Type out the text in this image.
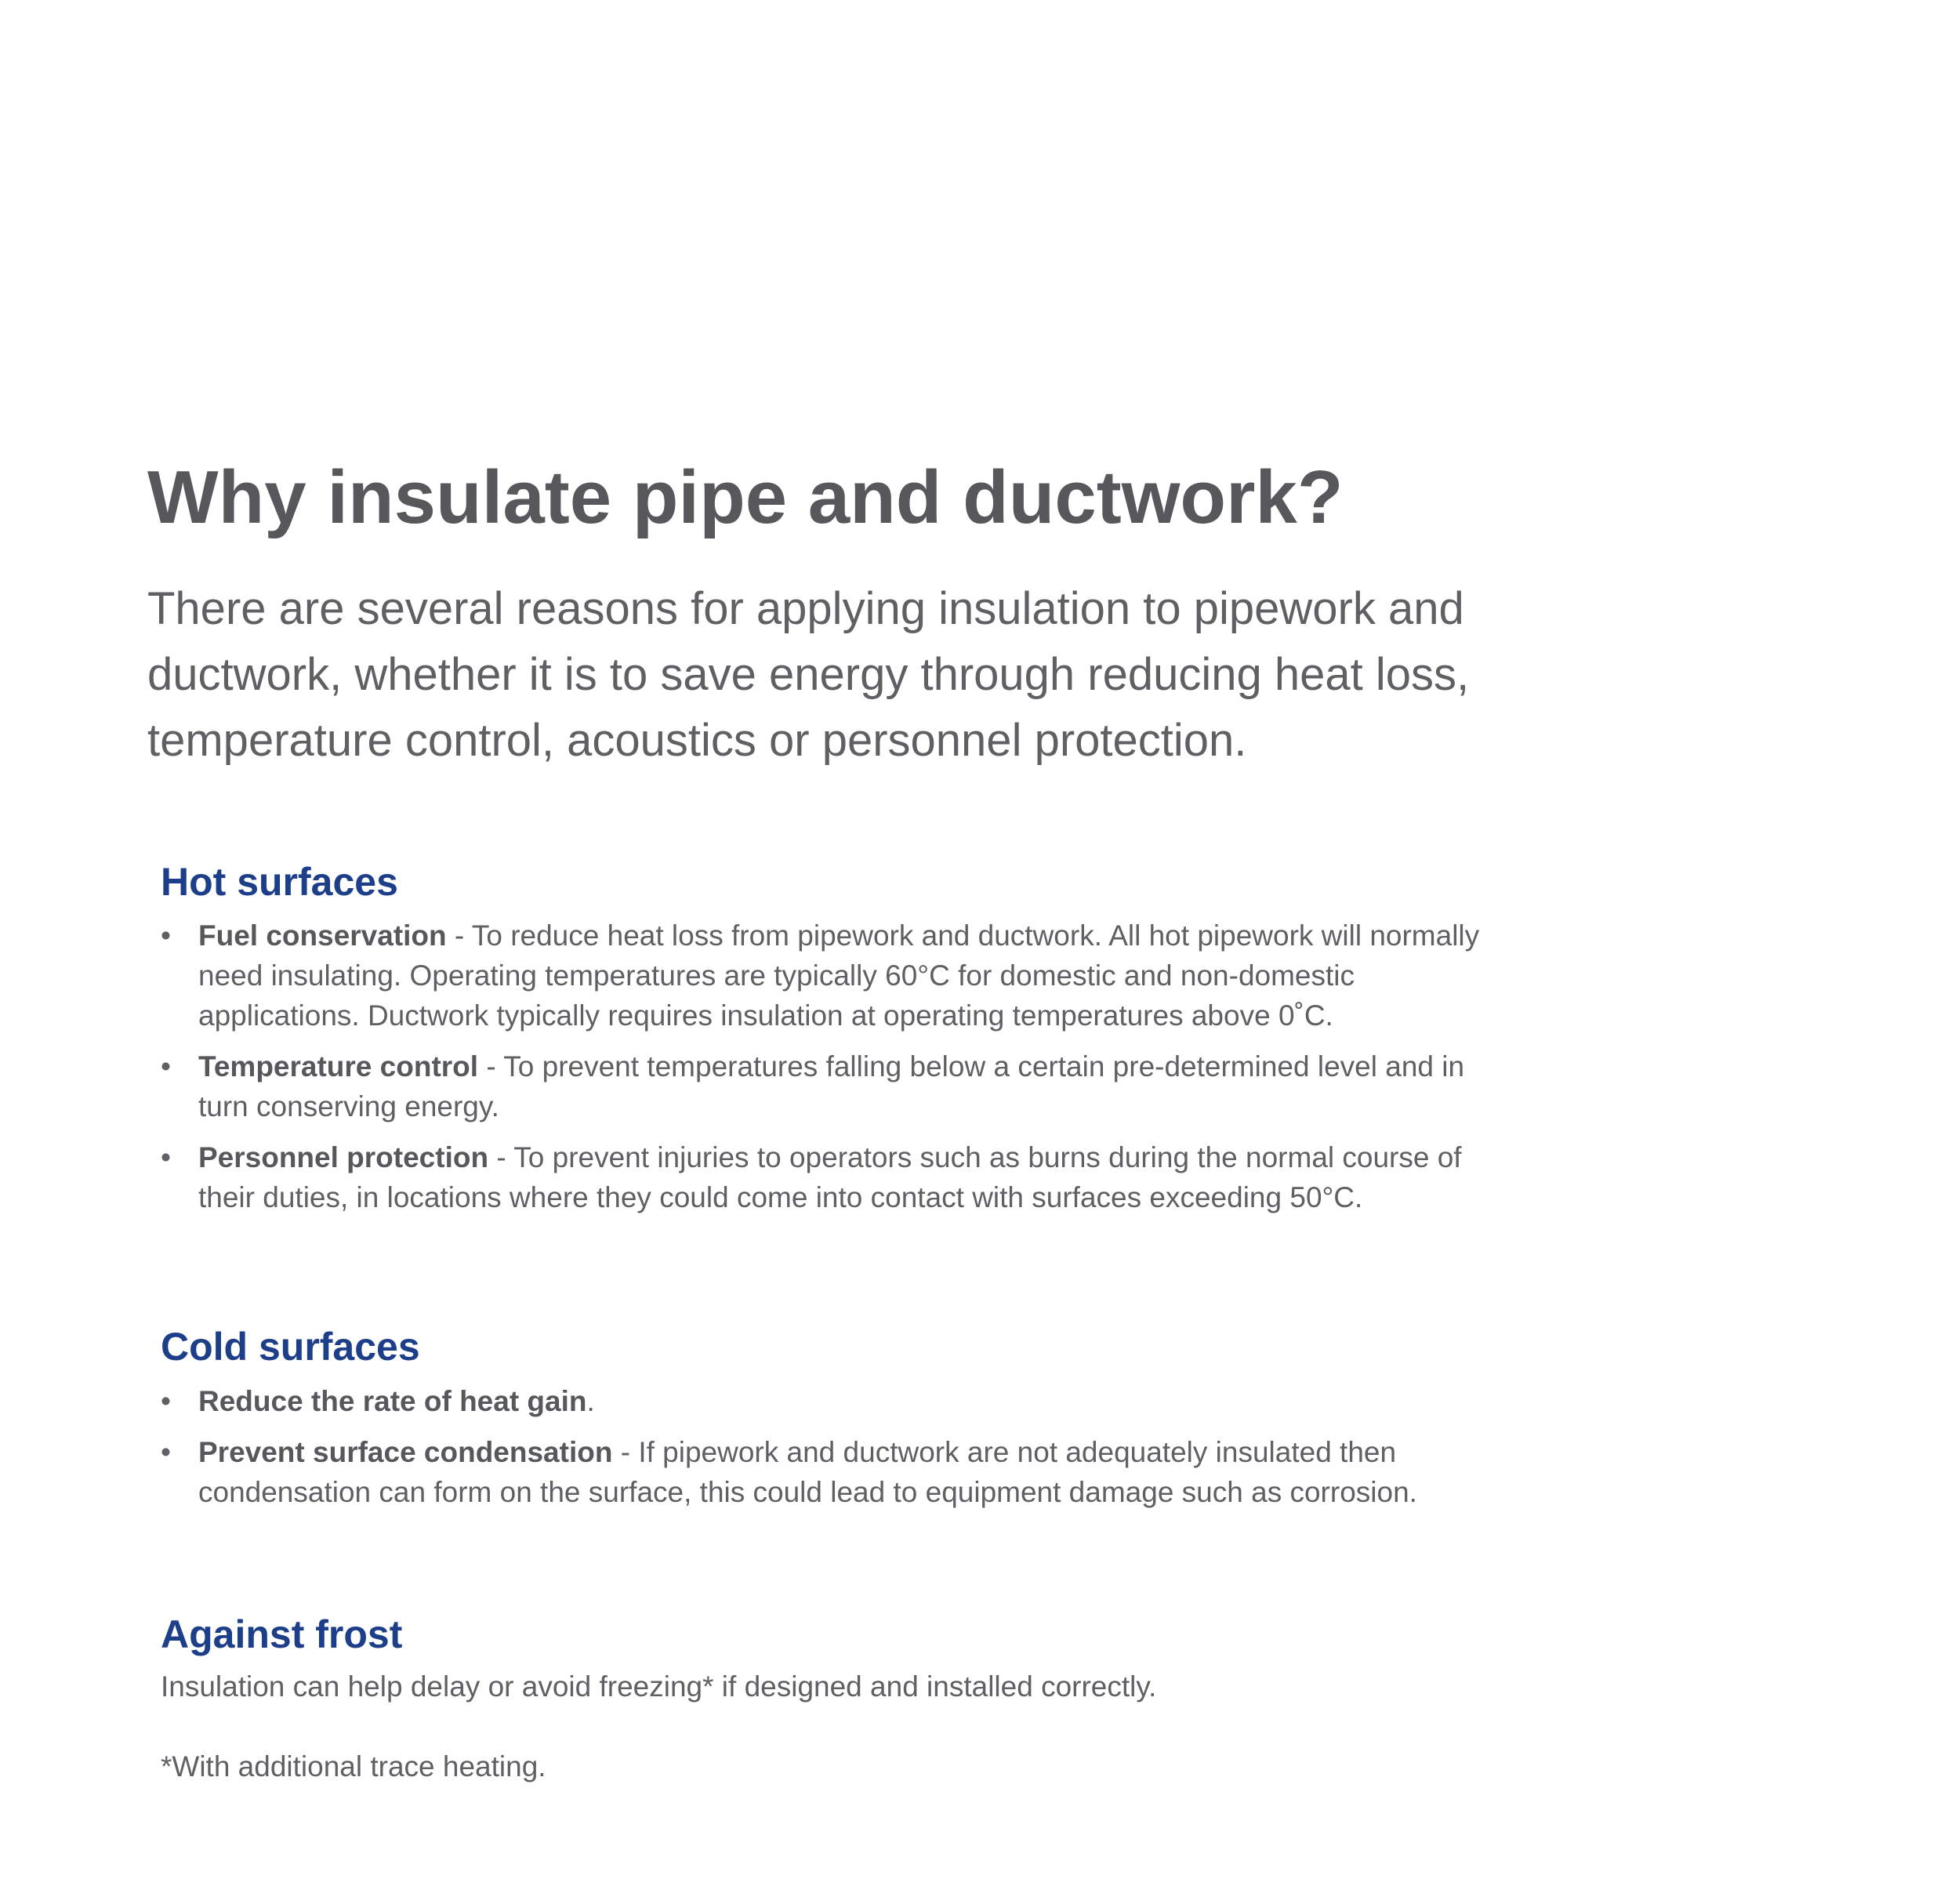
Why insulate pipe and ductwork?

There are several reasons for applying insulation to pipework and
ductwork, whether it is to save energy through reducing heat loss,
temperature control, acoustics or personnel protection.

Hot surfaces
• Fuel conservation - To reduce heat loss from pipework and ductwork. All hot pipework will normally
need insulating. Operating temperatures are typically 60°C for domestic and non-domestic
applications. Ductwork typically requires insulation at operating temperatures above 0˚C.
• Temperature control - To prevent temperatures falling below a certain pre-determined level and in
turn conserving energy.
• Personnel protection - To prevent injuries to operators such as burns during the normal course of
their duties, in locations where they could come into contact with surfaces exceeding 50°C.
Cold surfaces
• Reduce the rate of heat gain.
• Prevent surface condensation - If pipework and ductwork are not adequately insulated then
condensation can form on the surface, this could lead to equipment damage such as corrosion.
Against frost

Insulation can help delay or avoid freezing* if designed and installed correctly.

*With additional trace heating.
